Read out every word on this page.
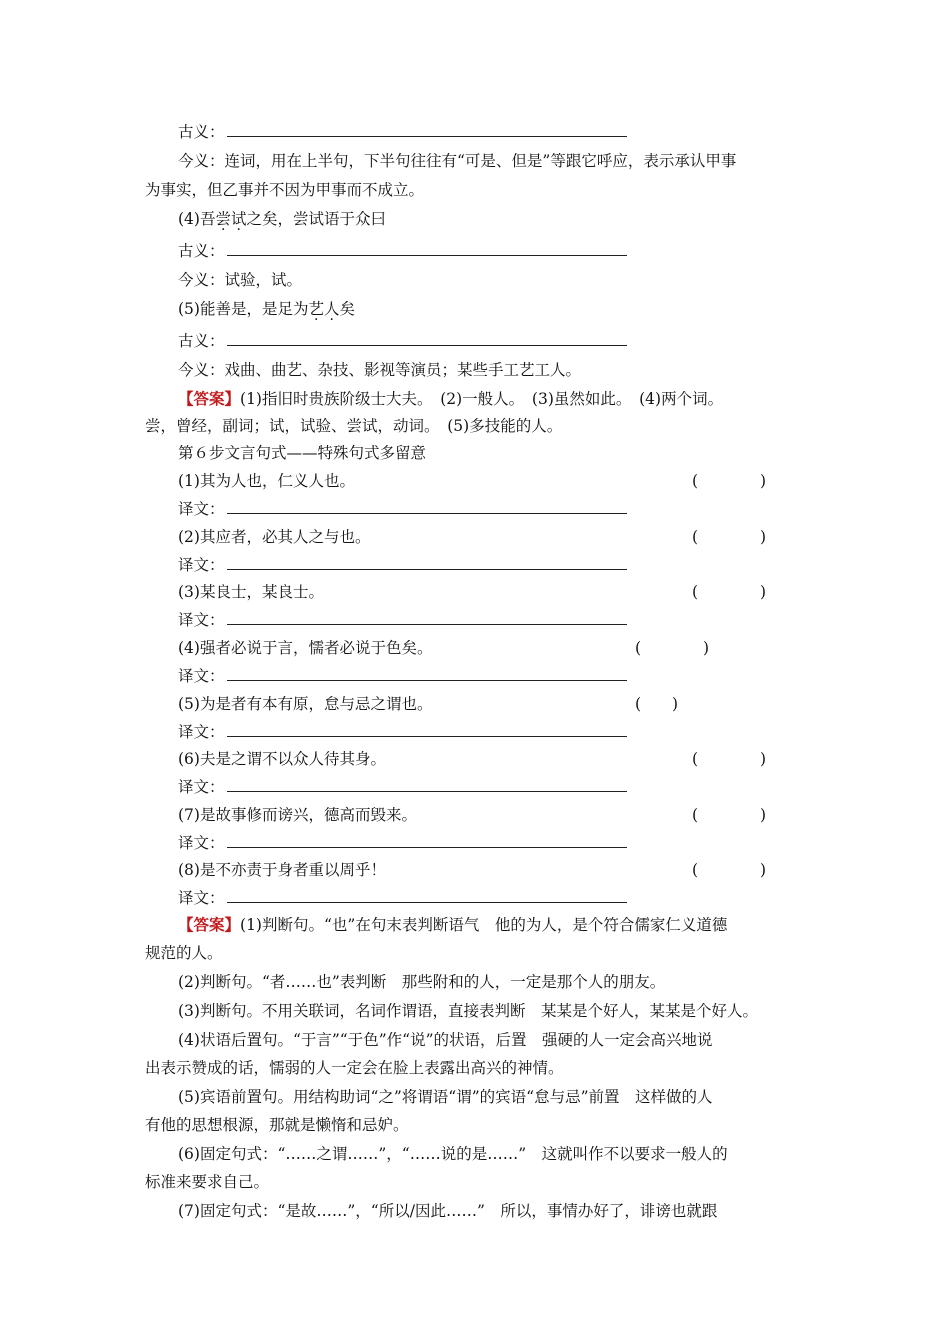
古义：
今义：连词，用在上半句，下半句往往有“可是、但是”等跟它呼应，表示承认甲事
为事实，但乙事并不因为甲事而不成立。
(4)吾尝试之矣，尝试语于众曰
古义：
今义：试验，试。
(5)能善是，是足为艺人矣
古义：
今义：戏曲、曲艺、杂技、影视等演员；某些手工艺工人。
【答案】(1)指旧时贵族阶级士大夫。　(2)一般人。　(3)虽然如此。　(4)两个词。
尝，曾经，副词；试，试验、尝试，动词。　(5)多技能的人。
第６步文言句式——特殊句式多留意
(1)其为人也，仁义人也。	(　　　　)
译文：
(2)其应者，必其人之与也。	(　　　　)
译文：
(3)某良士，某良士。	(　　　　)
译文：
(4)强者必说于言，懦者必说于色矣。	(　　　　)
译文：
(5)为是者有本有原，怠与忌之谓也。	(　　)
译文：
(6)夫是之谓不以众人待其身。	(　　　　)
译文：
(7)是故事修而谤兴，德高而毁来。	(　　　　)
译文：
(8)是不亦责于身者重以周乎！	(　　　　)
译文：
【答案】(1)判断句。“也”在句末表判断语气　他的为人，是个符合儒家仁义道德
规范的人。
(2)判断句。“者……也”表判断　那些附和的人，一定是那个人的朋友。
(3)判断句。不用关联词，名词作谓语，直接表判断　某某是个好人，某某是个好人。
(4)状语后置句。“于言”“于色”作“说”的状语，后置　强硬的人一定会高兴地说
出表示赞成的话，懦弱的人一定会在脸上表露出高兴的神情。
(5)宾语前置句。用结构助词“之”将谓语“谓”的宾语“怠与忌”前置　这样做的人
有他的思想根源，那就是懒惰和忌妒。
(6)固定句式：“……之谓……”，“……说的是……”　这就叫作不以要求一般人的
标准来要求自己。
(7)固定句式：“是故……”，“所以/因此……”　所以，事情办好了，诽谤也就跟
